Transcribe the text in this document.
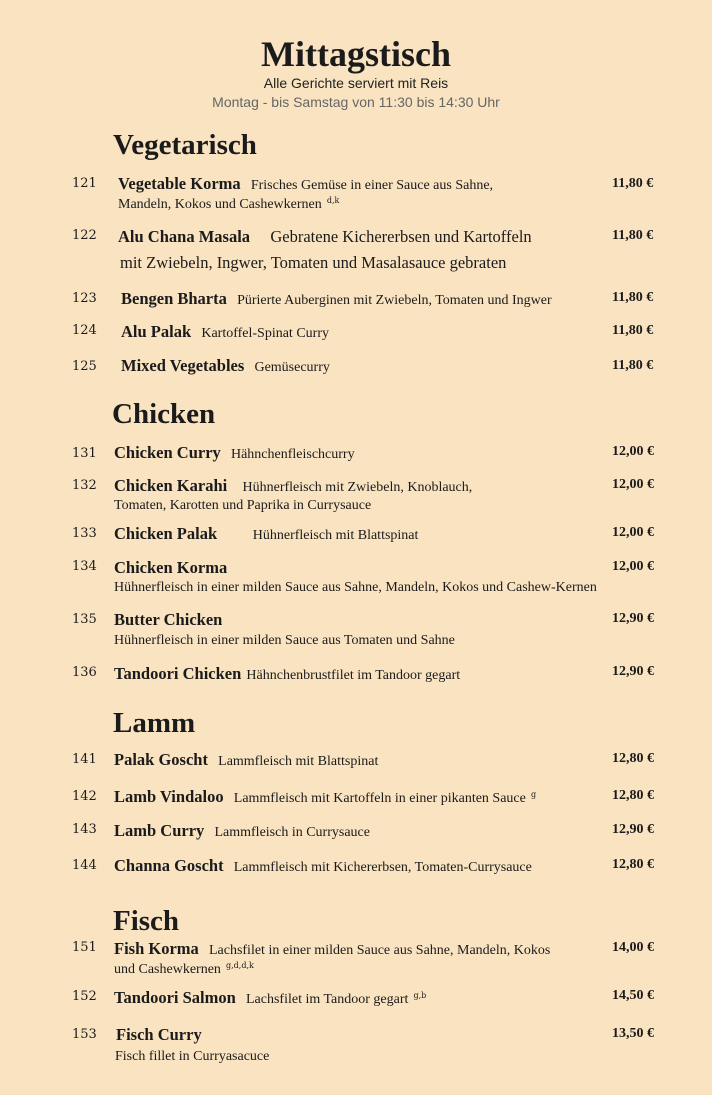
Mittagstisch
Alle Gerichte serviert mit Reis
Montag - bis Samstag von 11:30 bis 14:30 Uhr
Vegetarisch
121 Vegetable Korma Frisches Gemüse in einer Sauce aus Sahne,
Mandeln, Kokos und Cashewkernen $^{d,k}$
11,80 €
122 Alu Chana Masala Gebratene Kichererbsen und Kartoffeln
mit Zwiebeln, Ingwer, Tomaten und Masalasauce gebraten
11,80 €
123 Bengen Bharta Pürierte Auberginen mit Zwiebeln, Tomaten und Ingwer	11,80 €
124 Alu Palak Kartoffel-Spinat Curry	11,80 €
125 Mixed Vegetables Gemüsecurry	11,80 €
Chicken
131 Chicken Curry Hähnchenfleischcurry	12,00 €
132 Chicken Karahi Hühnerfleisch mit Zwiebeln, Knoblauch,
Tomaten, Karotten und Paprika in Currysauce
12,00 €
133 Chicken Palak	Hühnerfleisch mit Blattspinat	12,00 €
134 Chicken Korma
Hühnerfleisch in einer milden Sauce aus Sahne, Mandeln, Kokos und Cashew-Kernen
12,00 €
135 Butter Chicken
Hühnerfleisch in einer milden Sauce aus Tomaten und Sahne
12,90 €
136 Tandoori Chicken Hähnchenbrustfilet im Tandoor gegart	12,90 €
Lamm
141 Palak Goscht Lammfleisch mit Blattspinat	12,80 €
142 Lamb Vindaloo Lammfleisch mit Kartoffeln in einer pikanten Sauce $^g$	12,80 €
143 Lamb Curry Lammfleisch in Currysauce	12,90 €
144 Channa Goscht Lammfleisch mit Kichererbsen, Tomaten-Currysauce	12,80 €
Fisch
151 Fish Korma Lachsfilet in einer milden Sauce aus Sahne, Mandeln, Kokos
und Cashewkernen $^{g,d,d,k}$
14,00 €
152 Tandoori Salmon Lachsfilet im Tandoor gegart $^{g,b}$	14,50 €
153 Fisch Curry
Fisch fillet in Curryasacuce
13,50 €
